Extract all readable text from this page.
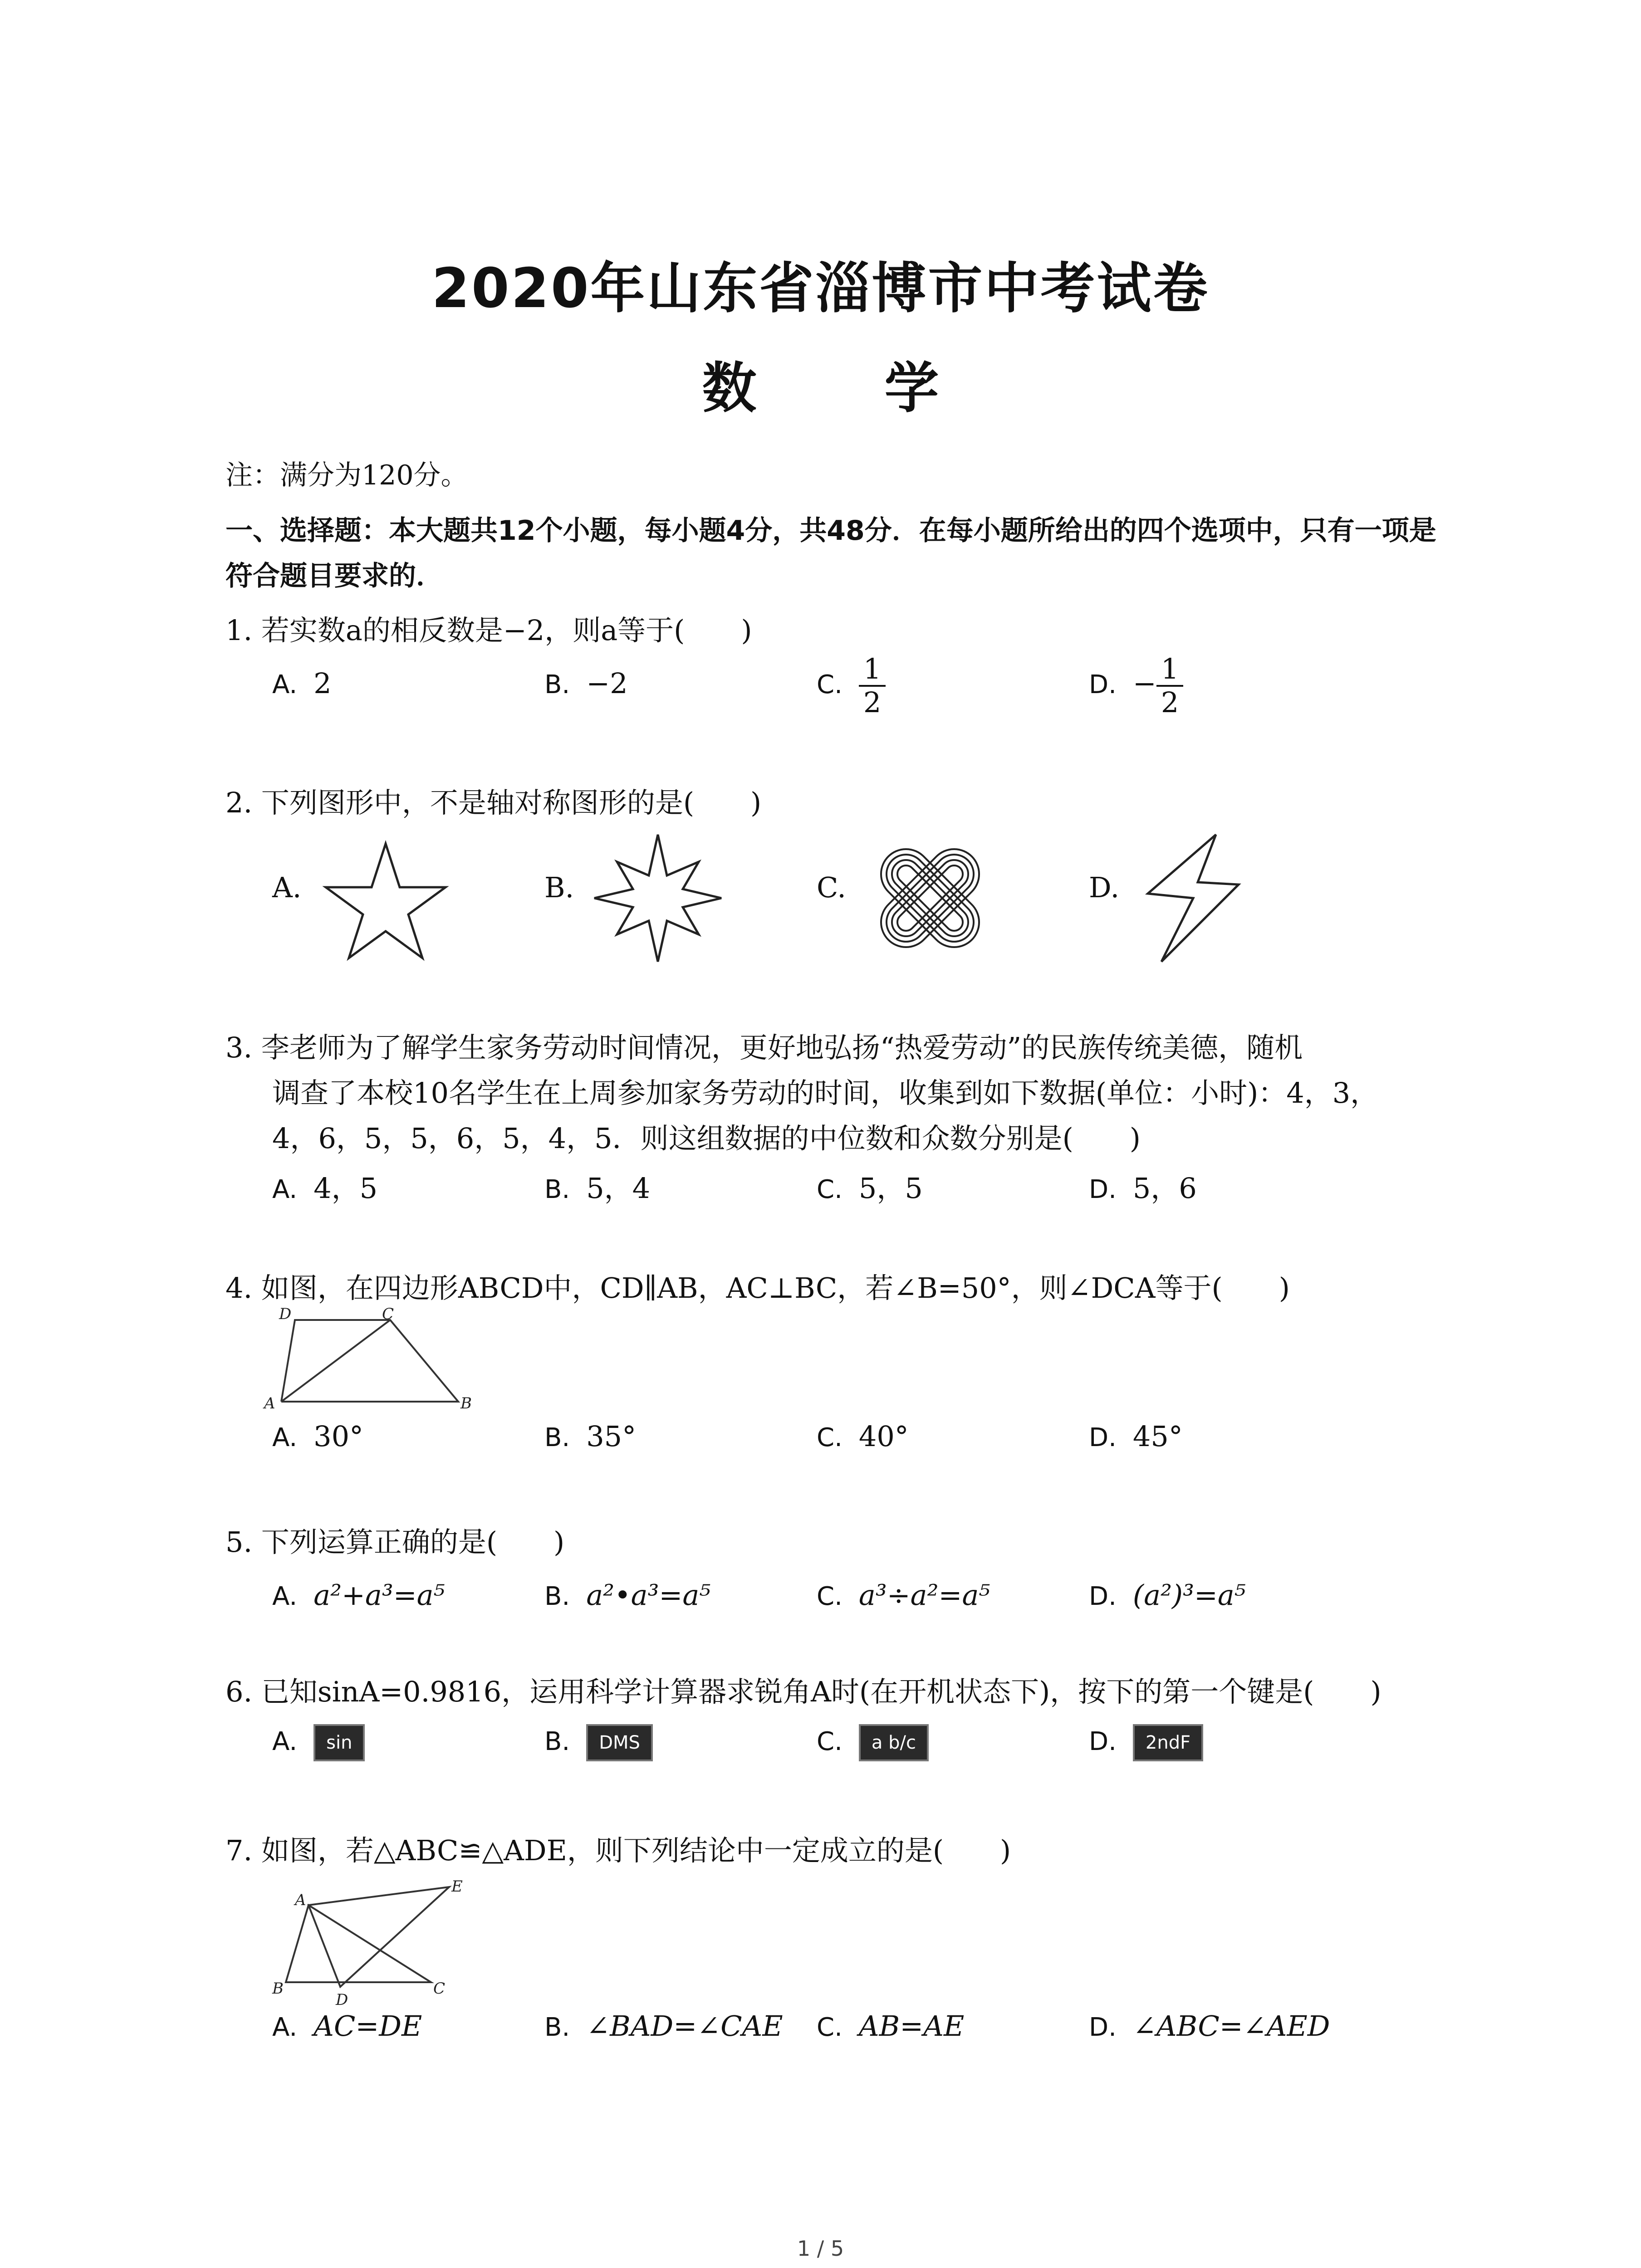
2020年山东省淄博市中考试卷
数 学
注：满分为120分。
一、选择题：本大题共12个小题，每小题4分，共48分．在每小题所给出的四个选项中，只有一项是符合题目要求的．
1. 若实数a的相反数是−2，则a等于(　　)
A. 2	B. −2	C. $\frac{1}{2}$	D. − $\frac{1}{2}$
2. 下列图形中，不是轴对称图形的是(　　)
A.	B.	C.	D.
3. 李老师为了解学生家务劳动时间情况，更好地弘扬“热爱劳动”的民族传统美德，随机
调查了本校10名学生在上周参加家务劳动的时间，收集到如下数据(单位：小时)：4，3，
4，6，5，5，6，5，4，5．则这组数据的中位数和众数分别是(　　)
A. 4，5	B. 5，4	C. 5，5	D. 5，6
4. 如图，在四边形ABCD中，CD∥AB，AC⊥BC，若∠B=50°，则∠DCA等于(　　)
D	C
A	B
A. 30°	B. 35°	C. 40°	D. 45°
5. 下列运算正确的是(　　)
A. a²+a³=a⁵	B. a²•a³=a⁵	C. a³÷a²=a⁵	D. (a²)³=a⁵
6. 已知sinA=0.9816，运用科学计算器求锐角A时(在开机状态下)，按下的第一个键是(　　)
A. sin	B. DMS	C. a b/c	D. 2ndF
7. 如图，若△ABC≌△ADE，则下列结论中一定成立的是(　　)
A
E
B
D
C
A. AC=DE	B. ∠BAD=∠CAE C. AB=AE	D. ∠ABC=∠AED
1 / 5
